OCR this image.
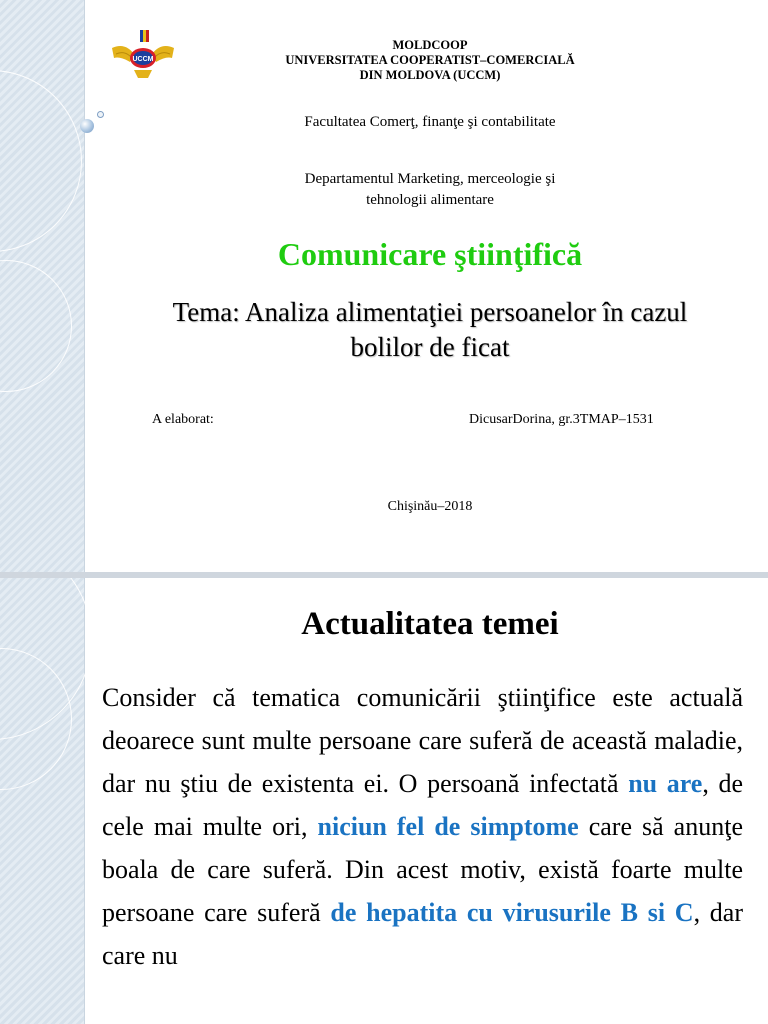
UCCM
MOLDCOOP
UNIVERSITATEA COOPERATIST–COMERCIALĂ
DIN MOLDOVA (UCCM)
Facultatea Comerţ, finanţe şi contabilitate
Departamentul Marketing, merceologie şi
tehnologii alimentare
Comunicare ştiinţifică
Tema: Analiza alimentaţiei persoanelor în cazul
bolilor de ficat
A elaborat:	DicusarDorina, gr.3TMAP–1531
Chişinău–2018
Actualitatea temei
Consider că tematica comunicării ştiinţifice este actuală deoarece sunt multe persoane care suferă de această maladie, dar nu ştiu de existenta ei. O persoană infectată nu are, de cele mai multe ori, niciun fel de simptome care să anunţe boala de care suferă. Din acest motiv, există foarte multe persoane care suferă de hepatita cu virusurile B si C, dar care nu
